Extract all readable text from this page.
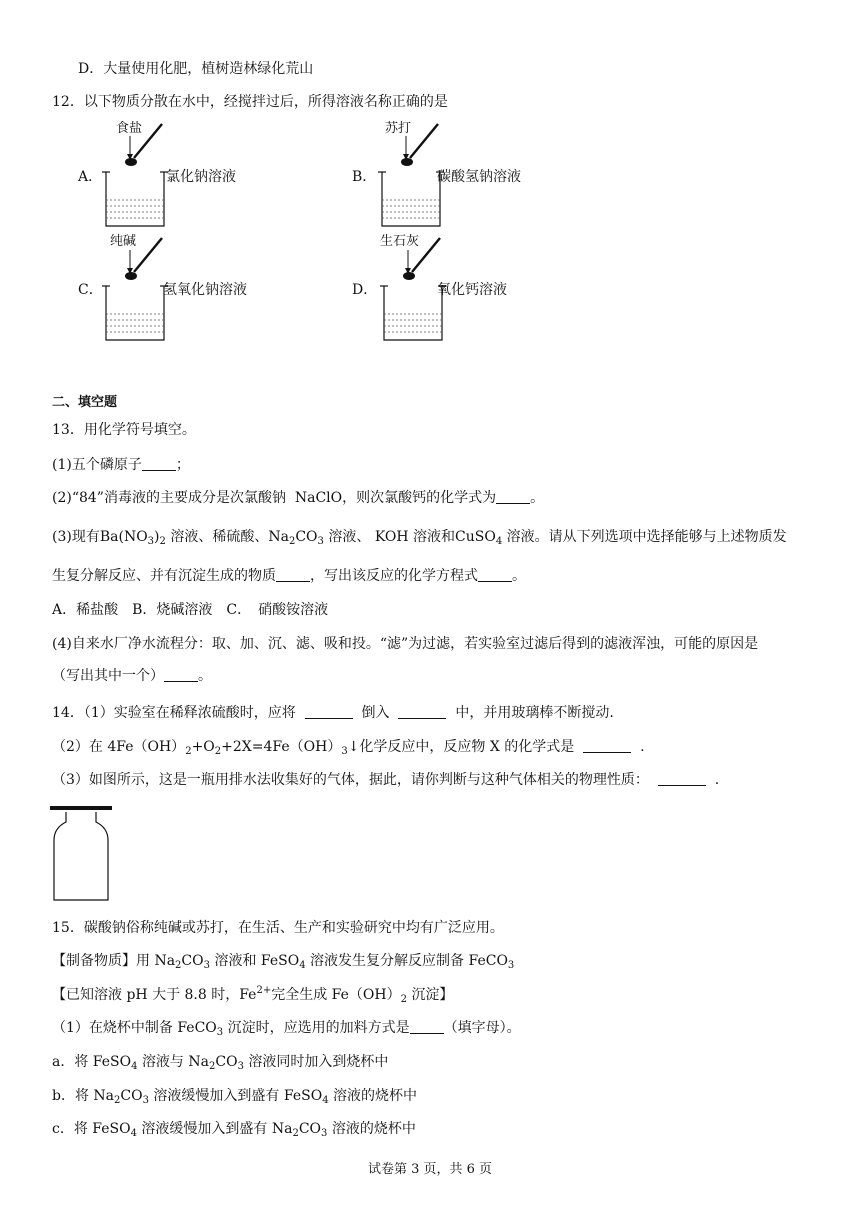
D．大量使用化肥，植树造林绿化荒山
12．以下物质分散在水中，经搅拌过后，所得溶液名称正确的是
A．
食盐
氯化钠溶液	B．
苏打
碳酸氢钠溶液
C．
纯碱
氢氧化钠溶液	D．
生石灰
氧化钙溶液
二、填空题
13．用化学符号填空。
(1)五个磷原子 ；
(2)“84”消毒液的主要成分是次氯酸钠 NaClO，则次氯酸钙的化学式为 。
(3)现有$Ba(NO_3)_2$ 溶液、稀硫酸、$Na_2CO_3$ 溶液、 KOH 溶液和CuSO$_4$ 溶液。请从下列选项中选择能够与上述物质发
生复分解反应、并有沉淀生成的物质 ，写出该反应的化学方程式 。
A．稀盐酸　B．烧碱溶液　C．　硝酸铵溶液
(4)自来水厂净水流程分：取、加、沉、滤、吸和投。“滤”为过滤，若实验室过滤后得到的滤液浑浊，可能的原因是
（写出其中一个） 。
14．（1）实验室在稀释浓硫酸时，应将	倒入	中，并用玻璃棒不断搅动.
（2）在 $4Fe(OH)_2+O_2+2X=4Fe(OH)_3↓$化学反应中，反应物 X 的化学式是	.
（3）如图所示，这是一瓶用排水法收集好的气体，据此，请你判断与这种气体相关的物理性质：	.
15．碳酸钠俗称纯碱或苏打，在生活、生产和实验研究中均有广泛应用。
【制备物质】用 $Na_2CO_3$ 溶液和 FeSO$_4$ 溶液发生复分解反应制备 FeCO$_3$
【已知溶液 pH 大于 8.8 时，$Fe^{2+}$完全生成 $Fe(OH)_2$ 沉淀】
（1）在烧杯中制备 FeCO$_3$ 沉淀时，应选用的加料方式是 （填字母）。
a．将 FeSO$_4$ 溶液与 $Na_2CO_3$ 溶液同时加入到烧杯中
b．将 $Na_2CO_3$ 溶液缓慢加入到盛有 FeSO$_4$ 溶液的烧杯中
c．将 FeSO$_4$ 溶液缓慢加入到盛有 $Na_2CO_3$ 溶液的烧杯中
试卷第 3 页，共 6 页
